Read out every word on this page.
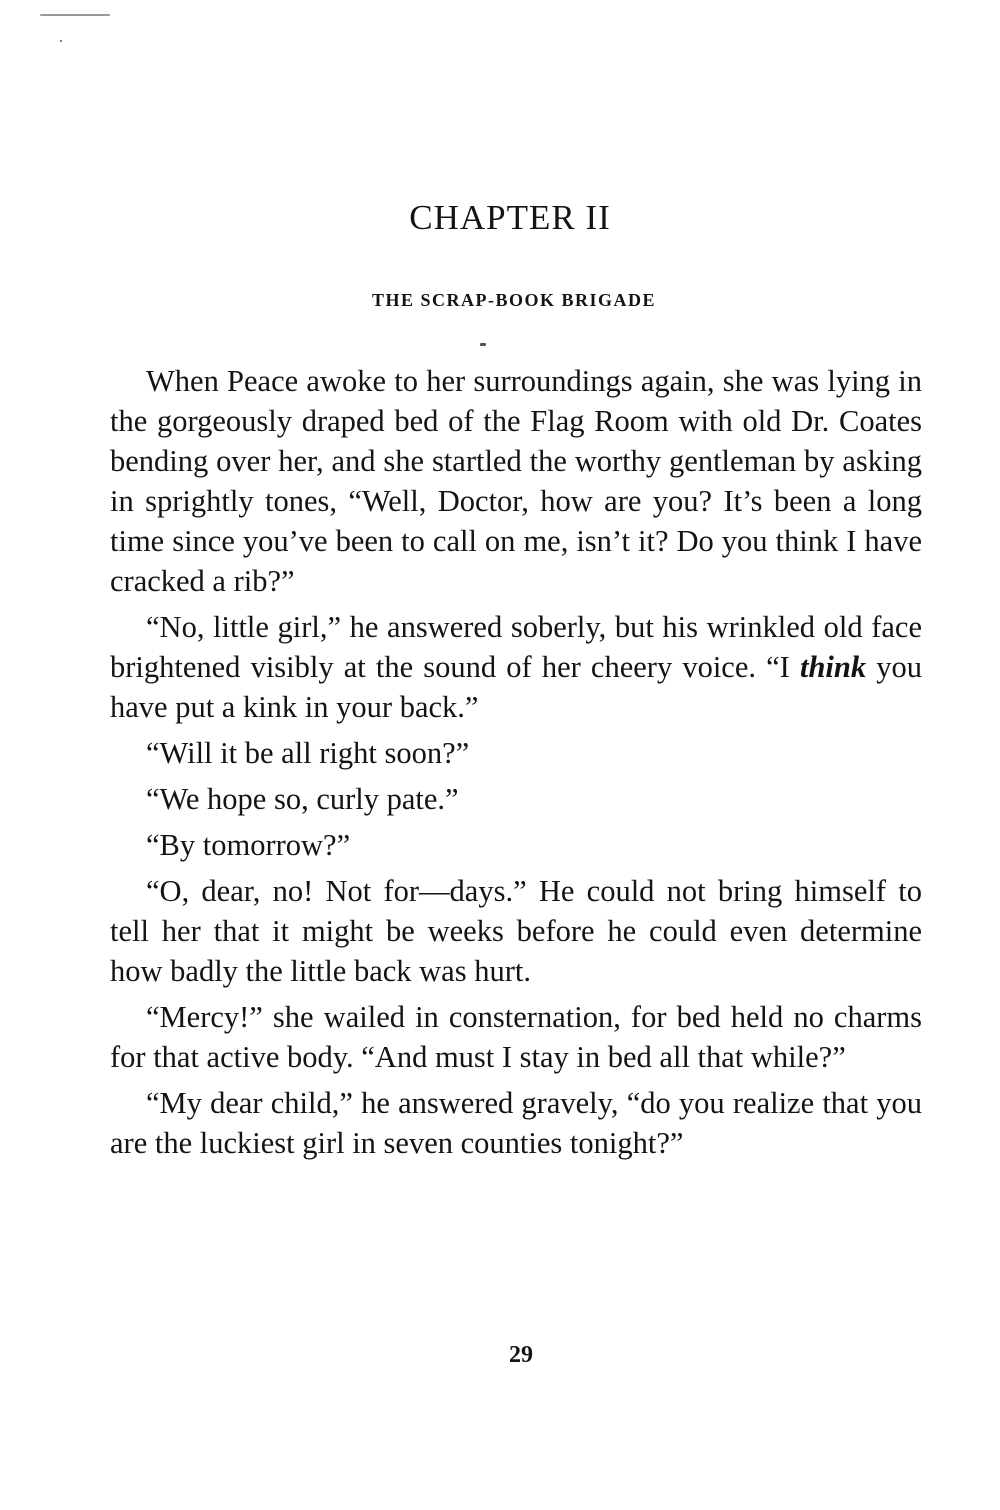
CHAPTER II
THE SCRAP-BOOK BRIGADE

When Peace awoke to her surroundings again, she was lying in the gorgeously draped bed of the Flag Room with old Dr. Coates bending over her, and she startled the worthy gentleman by asking in sprightly tones, “Well, Doctor, how are you? It’s been a long time since you’ve been to call on me, isn’t it? Do you think I have cracked a rib?”

“No, little girl,” he answered soberly, but his wrinkled old face brightened visibly at the sound of her cheery voice. “I think you have put a kink in your back.”

“Will it be all right soon?”

“We hope so, curly pate.”

“By tomorrow?”

“O, dear, no! Not for—days.” He could not bring himself to tell her that it might be weeks before he could even determine how badly the little back was hurt.

“Mercy!” she wailed in consternation, for bed held no charms for that active body. “And must I stay in bed all that while?”

“My dear child,” he answered gravely, “do you realize that you are the luckiest girl in seven counties tonight?”

29
